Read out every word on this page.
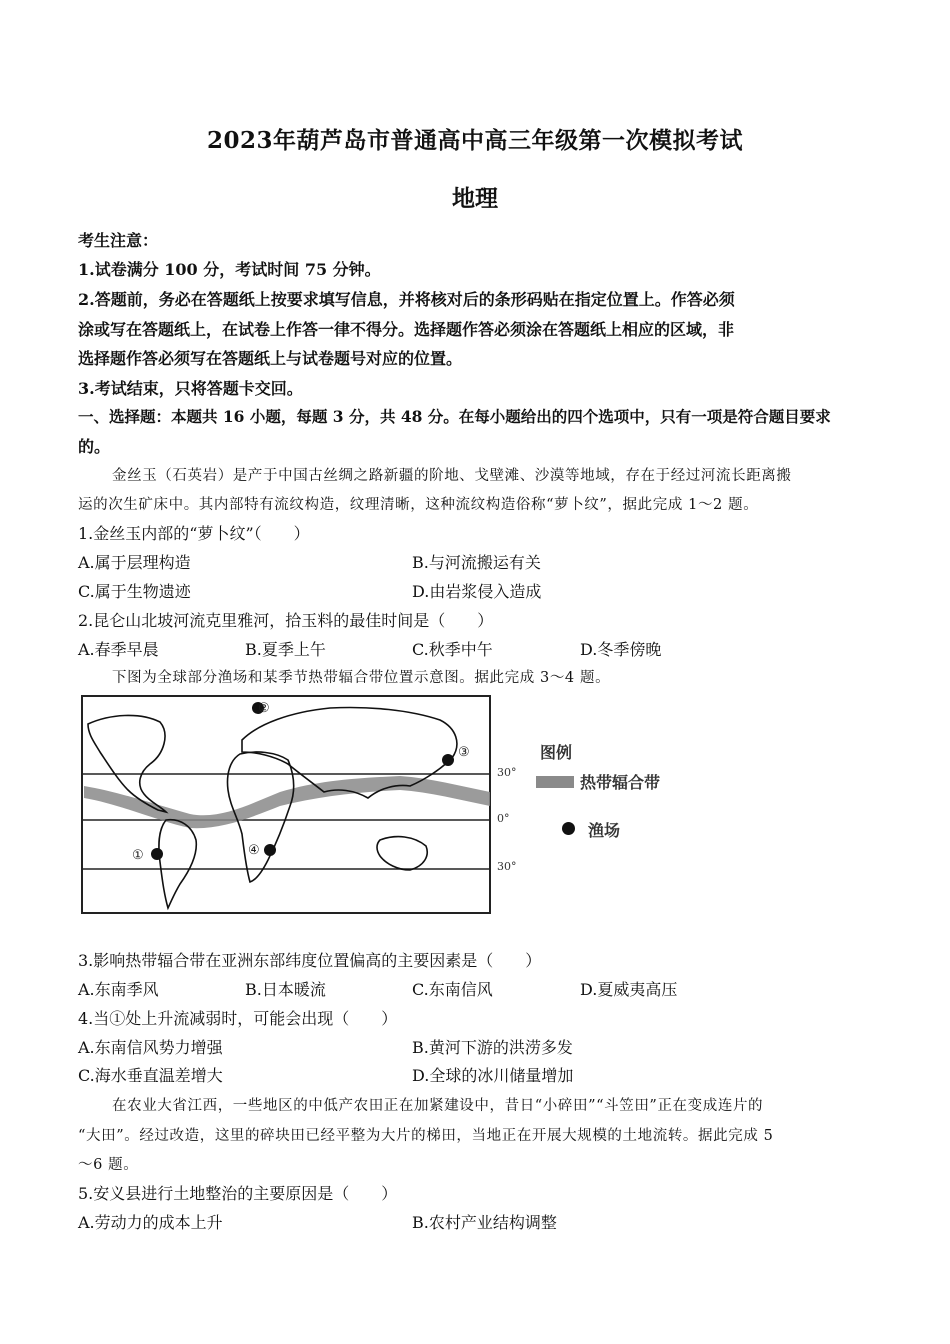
2023年葫芦岛市普通高中高三年级第一次模拟考试
地理
考生注意：
1.试卷满分 100 分，考试时间 75 分钟。
2.答题前，务必在答题纸上按要求填写信息，并将核对后的条形码贴在指定位置上。作答必须
涂或写在答题纸上，在试卷上作答一律不得分。选择题作答必须涂在答题纸上相应的区域，非
选择题作答必须写在答题纸上与试卷题号对应的位置。
3.考试结束，只将答题卡交回。
一、选择题：本题共 16 小题，每题 3 分，共 48 分。在每小题给出的四个选项中，只有一项是符合题目要求
的。
金丝玉（石英岩）是产于中国古丝绸之路新疆的阶地、戈壁滩、沙漠等地域，存在于经过河流长距离搬
运的次生矿床中。其内部特有流纹构造，纹理清晰，这种流纹构造俗称“萝卜纹”，据此完成 1～2 题。
1.金丝玉内部的“萝卜纹”（　　）
A.属于层理构造	B.与河流搬运有关
C.属于生物遗迹	D.由岩浆侵入造成
2.昆仑山北坡河流克里雅河，拾玉料的最佳时间是（　　）
A.春季早晨	B.夏季上午	C.秋季中午	D.冬季傍晚
下图为全球部分渔场和某季节热带辐合带位置示意图。据此完成 3～4 题。
①
②
③
④
30°
0°
30°
图例
热带辐合带
渔场
3.影响热带辐合带在亚洲东部纬度位置偏高的主要因素是（　　）
A.东南季风	B.日本暖流	C.东南信风	D.夏威夷高压
4.当①处上升流减弱时，可能会出现（　　）
A.东南信风势力增强	B.黄河下游的洪涝多发
C.海水垂直温差增大	D.全球的冰川储量增加
在农业大省江西，一些地区的中低产农田正在加紧建设中，昔日“小碎田”“斗笠田”正在变成连片的
“大田”。经过改造，这里的碎块田已经平整为大片的梯田，当地正在开展大规模的土地流转。据此完成 5
～6 题。
5.安义县进行土地整治的主要原因是（　　）
A.劳动力的成本上升	B.农村产业结构调整
